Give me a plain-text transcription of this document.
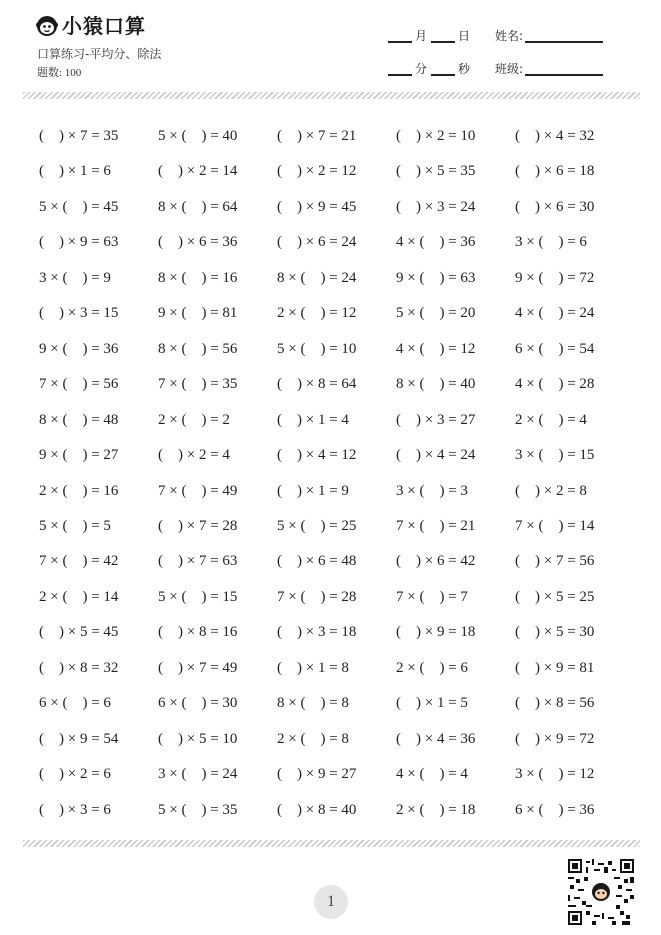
小猿口算
口算练习-平均分、除法
题数: 100
月	日
分	秒
姓名:
班级:
(    ) × 7 = 35	5 × (    ) = 40	(    ) × 7 = 21	(    ) × 2 = 10	(    ) × 4 = 32
(    ) × 1 = 6	(    ) × 2 = 14	(    ) × 2 = 12	(    ) × 5 = 35	(    ) × 6 = 18
5 × (    ) = 45	8 × (    ) = 64	(    ) × 9 = 45	(    ) × 3 = 24	(    ) × 6 = 30
(    ) × 9 = 63	(    ) × 6 = 36	(    ) × 6 = 24	4 × (    ) = 36	3 × (    ) = 6
3 × (    ) = 9	8 × (    ) = 16	8 × (    ) = 24	9 × (    ) = 63	9 × (    ) = 72
(    ) × 3 = 15	9 × (    ) = 81	2 × (    ) = 12	5 × (    ) = 20	4 × (    ) = 24
9 × (    ) = 36	8 × (    ) = 56	5 × (    ) = 10	4 × (    ) = 12	6 × (    ) = 54
7 × (    ) = 56	7 × (    ) = 35	(    ) × 8 = 64	8 × (    ) = 40	4 × (    ) = 28
8 × (    ) = 48	2 × (    ) = 2	(    ) × 1 = 4	(    ) × 3 = 27	2 × (    ) = 4
9 × (    ) = 27	(    ) × 2 = 4	(    ) × 4 = 12	(    ) × 4 = 24	3 × (    ) = 15
2 × (    ) = 16	7 × (    ) = 49	(    ) × 1 = 9	3 × (    ) = 3	(    ) × 2 = 8
5 × (    ) = 5	(    ) × 7 = 28	5 × (    ) = 25	7 × (    ) = 21	7 × (    ) = 14
7 × (    ) = 42	(    ) × 7 = 63	(    ) × 6 = 48	(    ) × 6 = 42	(    ) × 7 = 56
2 × (    ) = 14	5 × (    ) = 15	7 × (    ) = 28	7 × (    ) = 7	(    ) × 5 = 25
(    ) × 5 = 45	(    ) × 8 = 16	(    ) × 3 = 18	(    ) × 9 = 18	(    ) × 5 = 30
(    ) × 8 = 32	(    ) × 7 = 49	(    ) × 1 = 8	2 × (    ) = 6	(    ) × 9 = 81
6 × (    ) = 6	6 × (    ) = 30	8 × (    ) = 8	(    ) × 1 = 5	(    ) × 8 = 56
(    ) × 9 = 54	(    ) × 5 = 10	2 × (    ) = 8	(    ) × 4 = 36	(    ) × 9 = 72
(    ) × 2 = 6	3 × (    ) = 24	(    ) × 9 = 27	4 × (    ) = 4	3 × (    ) = 12
(    ) × 3 = 6	5 × (    ) = 35	(    ) × 8 = 40	2 × (    ) = 18	6 × (    ) = 36
1
